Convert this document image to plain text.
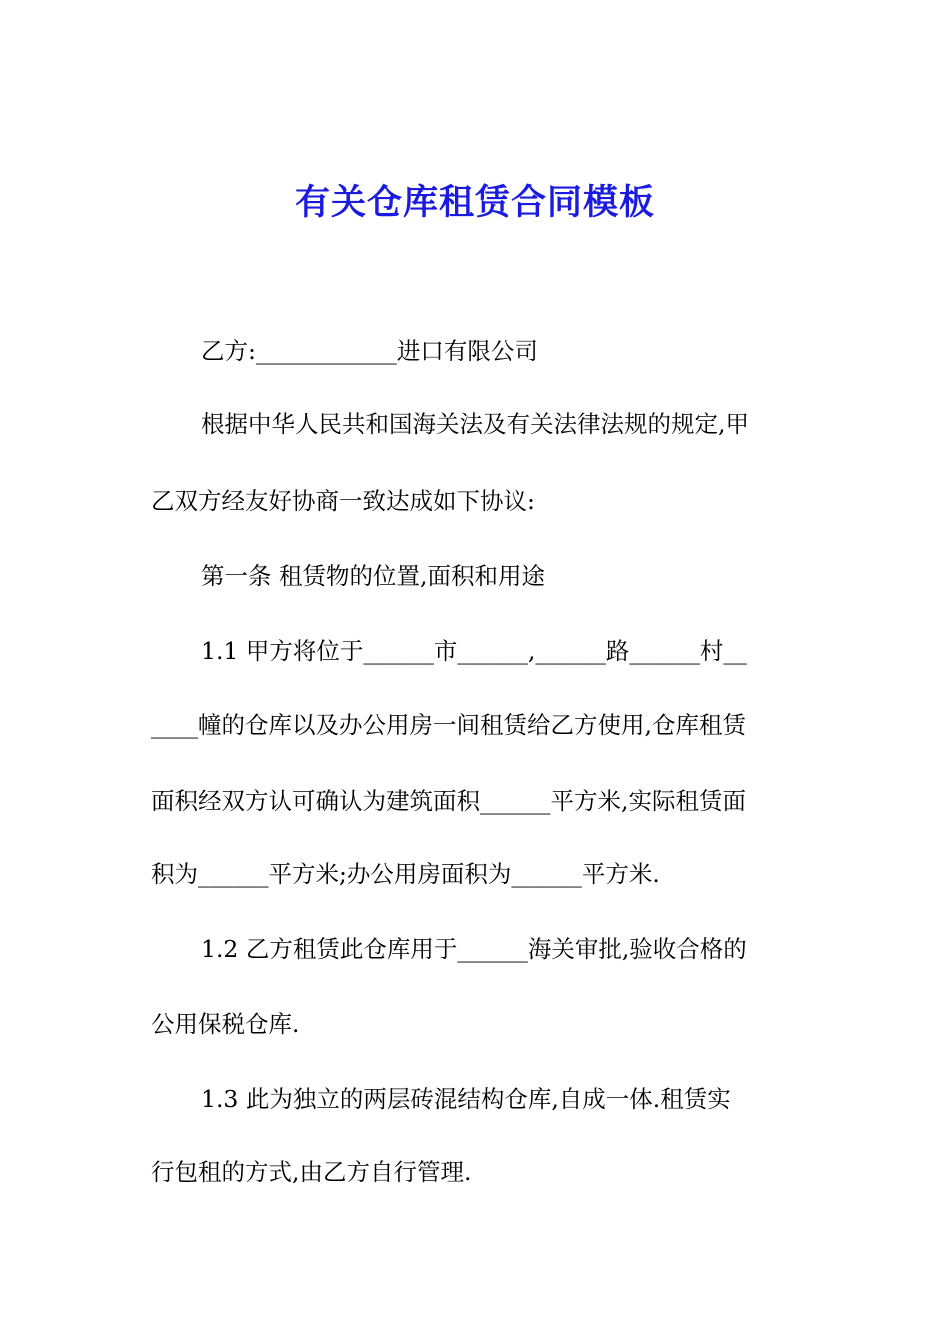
有关仓库租赁合同模板

乙方:____________进口有限公司

根据中华人民共和国海关法及有关法律法规的规定,甲

乙双方经友好协商一致达成如下协议:

第一条 租赁物的位置,面积和用途

1.1 甲方将位于______市______,______路______村__

____幢的仓库以及办公用房一间租赁给乙方使用,仓库租赁

面积经双方认可确认为建筑面积______平方米,实际租赁面

积为______平方米;办公用房面积为______平方米.

1.2 乙方租赁此仓库用于______海关审批,验收合格的

公用保税仓库.

1.3 此为独立的两层砖混结构仓库,自成一体.租赁实

行包租的方式,由乙方自行管理.
